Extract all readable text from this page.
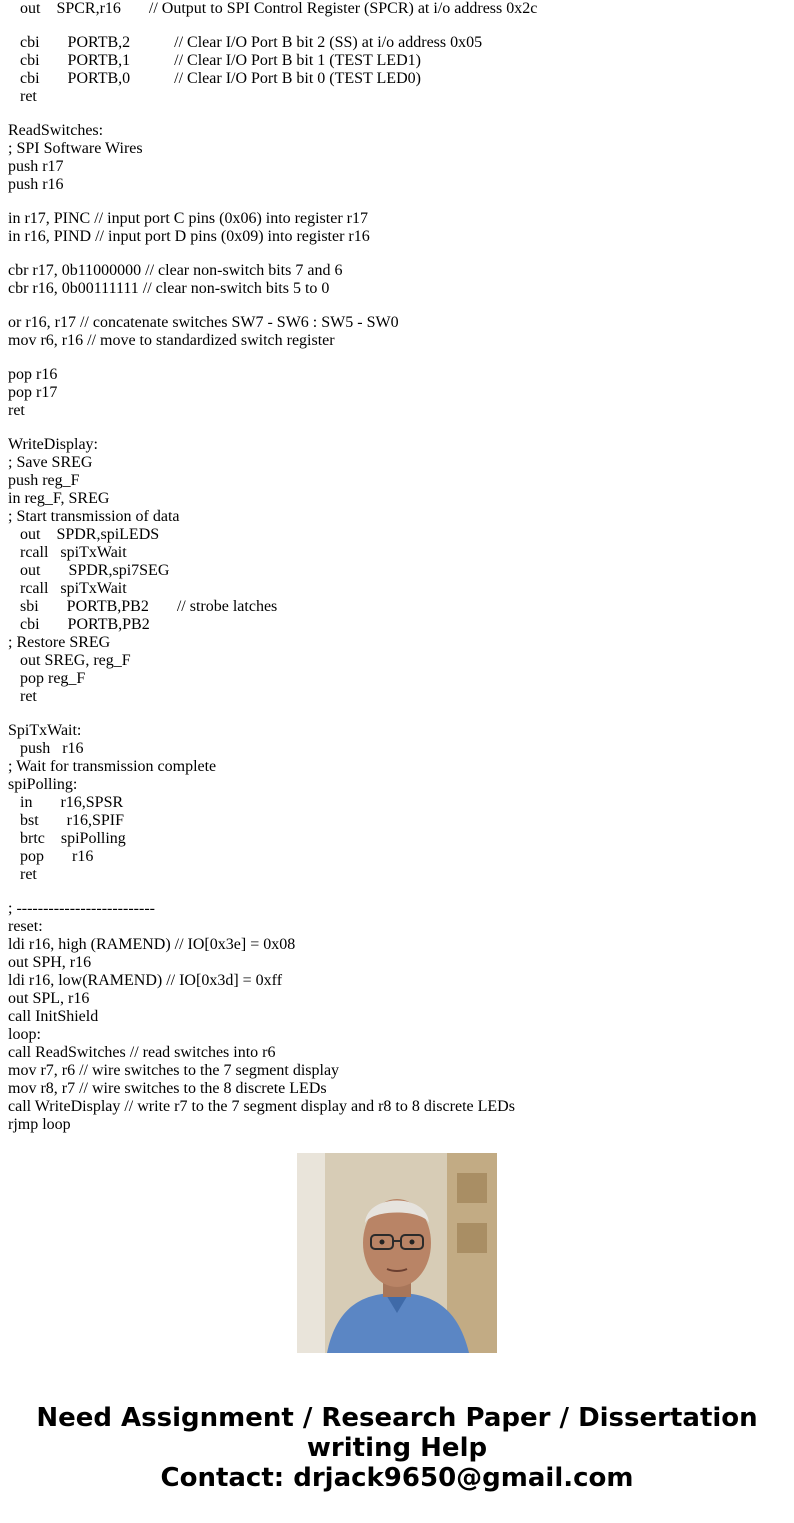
out    SPCR,r16       // Output to SPI Control Register (SPCR) at i/o address 0x2c
cbi       PORTB,2           // Clear I/O Port B bit 2 (SS) at i/o address 0x05
cbi       PORTB,1           // Clear I/O Port B bit 1 (TEST LED1)
cbi       PORTB,0           // Clear I/O Port B bit 0 (TEST LED0)
ret
ReadSwitches:
; SPI Software Wires
push r17
push r16
in r17, PINC // input port C pins (0x06) into register r17
in r16, PIND // input port D pins (0x09) into register r16
cbr r17, 0b11000000 // clear non-switch bits 7 and 6
cbr r16, 0b00111111 // clear non-switch bits 5 to 0
or r16, r17 // concatenate switches SW7 - SW6 : SW5 - SW0
mov r6, r16 // move to standardized switch register
pop r16
pop r17
ret
WriteDisplay:
; Save SREG
push reg_F
in reg_F, SREG
; Start transmission of data
out    SPDR,spiLEDS
rcall   spiTxWait
out       SPDR,spi7SEG
rcall   spiTxWait
sbi       PORTB,PB2       // strobe latches
cbi       PORTB,PB2
; Restore SREG
out SREG, reg_F
pop reg_F
ret
SpiTxWait:
push   r16
; Wait for transmission complete
spiPolling:
in       r16,SPSR
bst       r16,SPIF
brtc    spiPolling
pop       r16
ret
; --------------------------
reset:
ldi r16, high (RAMEND) // IO[0x3e] = 0x08
out SPH, r16
ldi r16, low(RAMEND) // IO[0x3d] = 0xff
out SPL, r16
call InitShield
loop:
call ReadSwitches // read switches into r6
mov r7, r6 // wire switches to the 7 segment display
mov r8, r7 // wire switches to the 8 discrete LEDs
call WriteDisplay // write r7 to the 7 segment display and r8 to 8 discrete LEDs
rjmp loop
Need Assignment / Research Paper / Dissertation
writing Help
Contact: drjack9650@gmail.com
